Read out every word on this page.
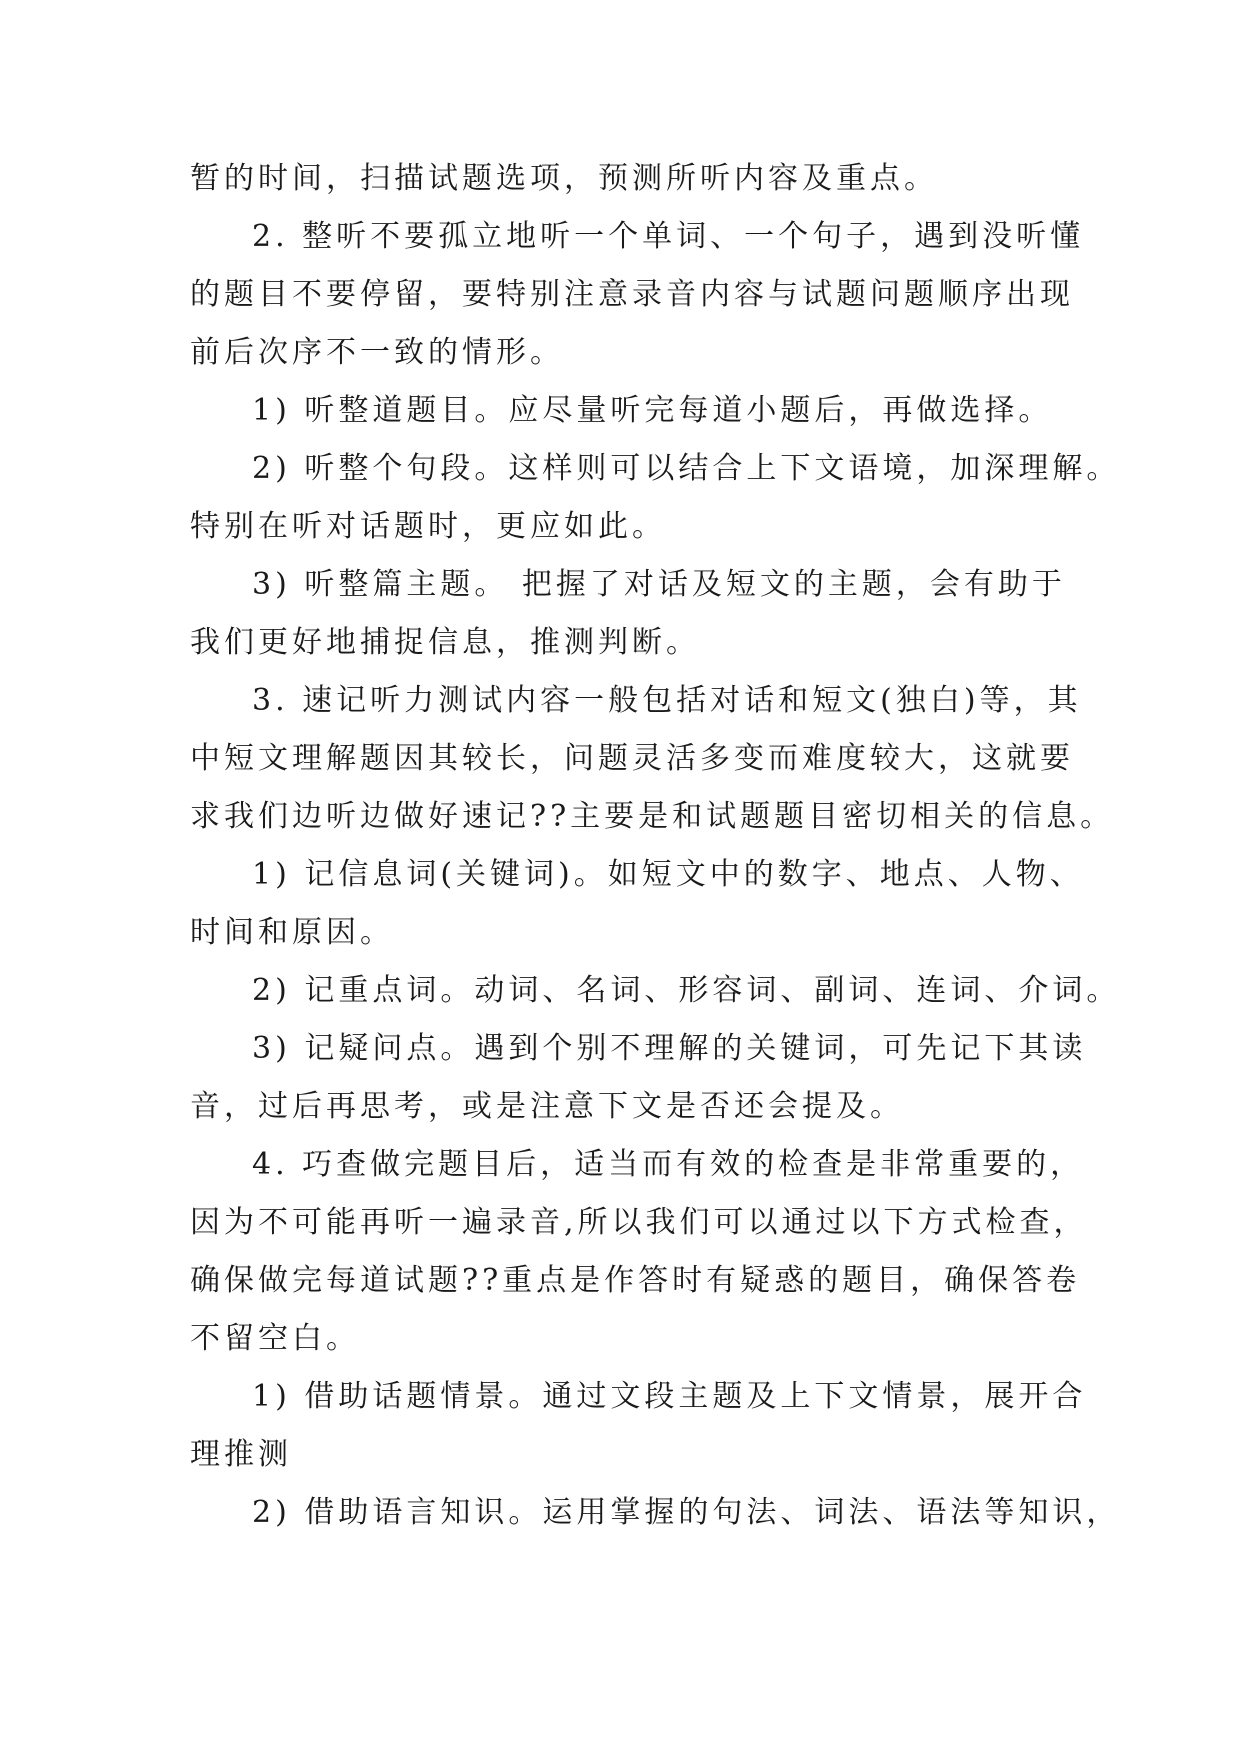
暂的时间，扫描试题选项，预测所听内容及重点。
2. 整听不要孤立地听一个单词、一个句子，遇到没听懂
的题目不要停留，要特别注意录音内容与试题问题顺序出现
前后次序不一致的情形。
1) 听整道题目。应尽量听完每道小题后，再做选择。
2) 听整个句段。这样则可以结合上下文语境，加深理解。
特别在听对话题时，更应如此。
3) 听整篇主题。 把握了对话及短文的主题，会有助于
我们更好地捕捉信息，推测判断。
3. 速记听力测试内容一般包括对话和短文(独白)等，其
中短文理解题因其较长，问题灵活多变而难度较大，这就要
求我们边听边做好速记??主要是和试题题目密切相关的信息。
1) 记信息词(关键词)。如短文中的数字、地点、人物、
时间和原因。
2) 记重点词。动词、名词、形容词、副词、连词、介词。
3) 记疑问点。遇到个别不理解的关键词，可先记下其读
音，过后再思考，或是注意下文是否还会提及。
4. 巧查做完题目后，适当而有效的检查是非常重要的，
因为不可能再听一遍录音,所以我们可以通过以下方式检查，
确保做完每道试题??重点是作答时有疑惑的题目，确保答卷
不留空白。
1) 借助话题情景。通过文段主题及上下文情景，展开合
理推测
2) 借助语言知识。运用掌握的句法、词法、语法等知识，
